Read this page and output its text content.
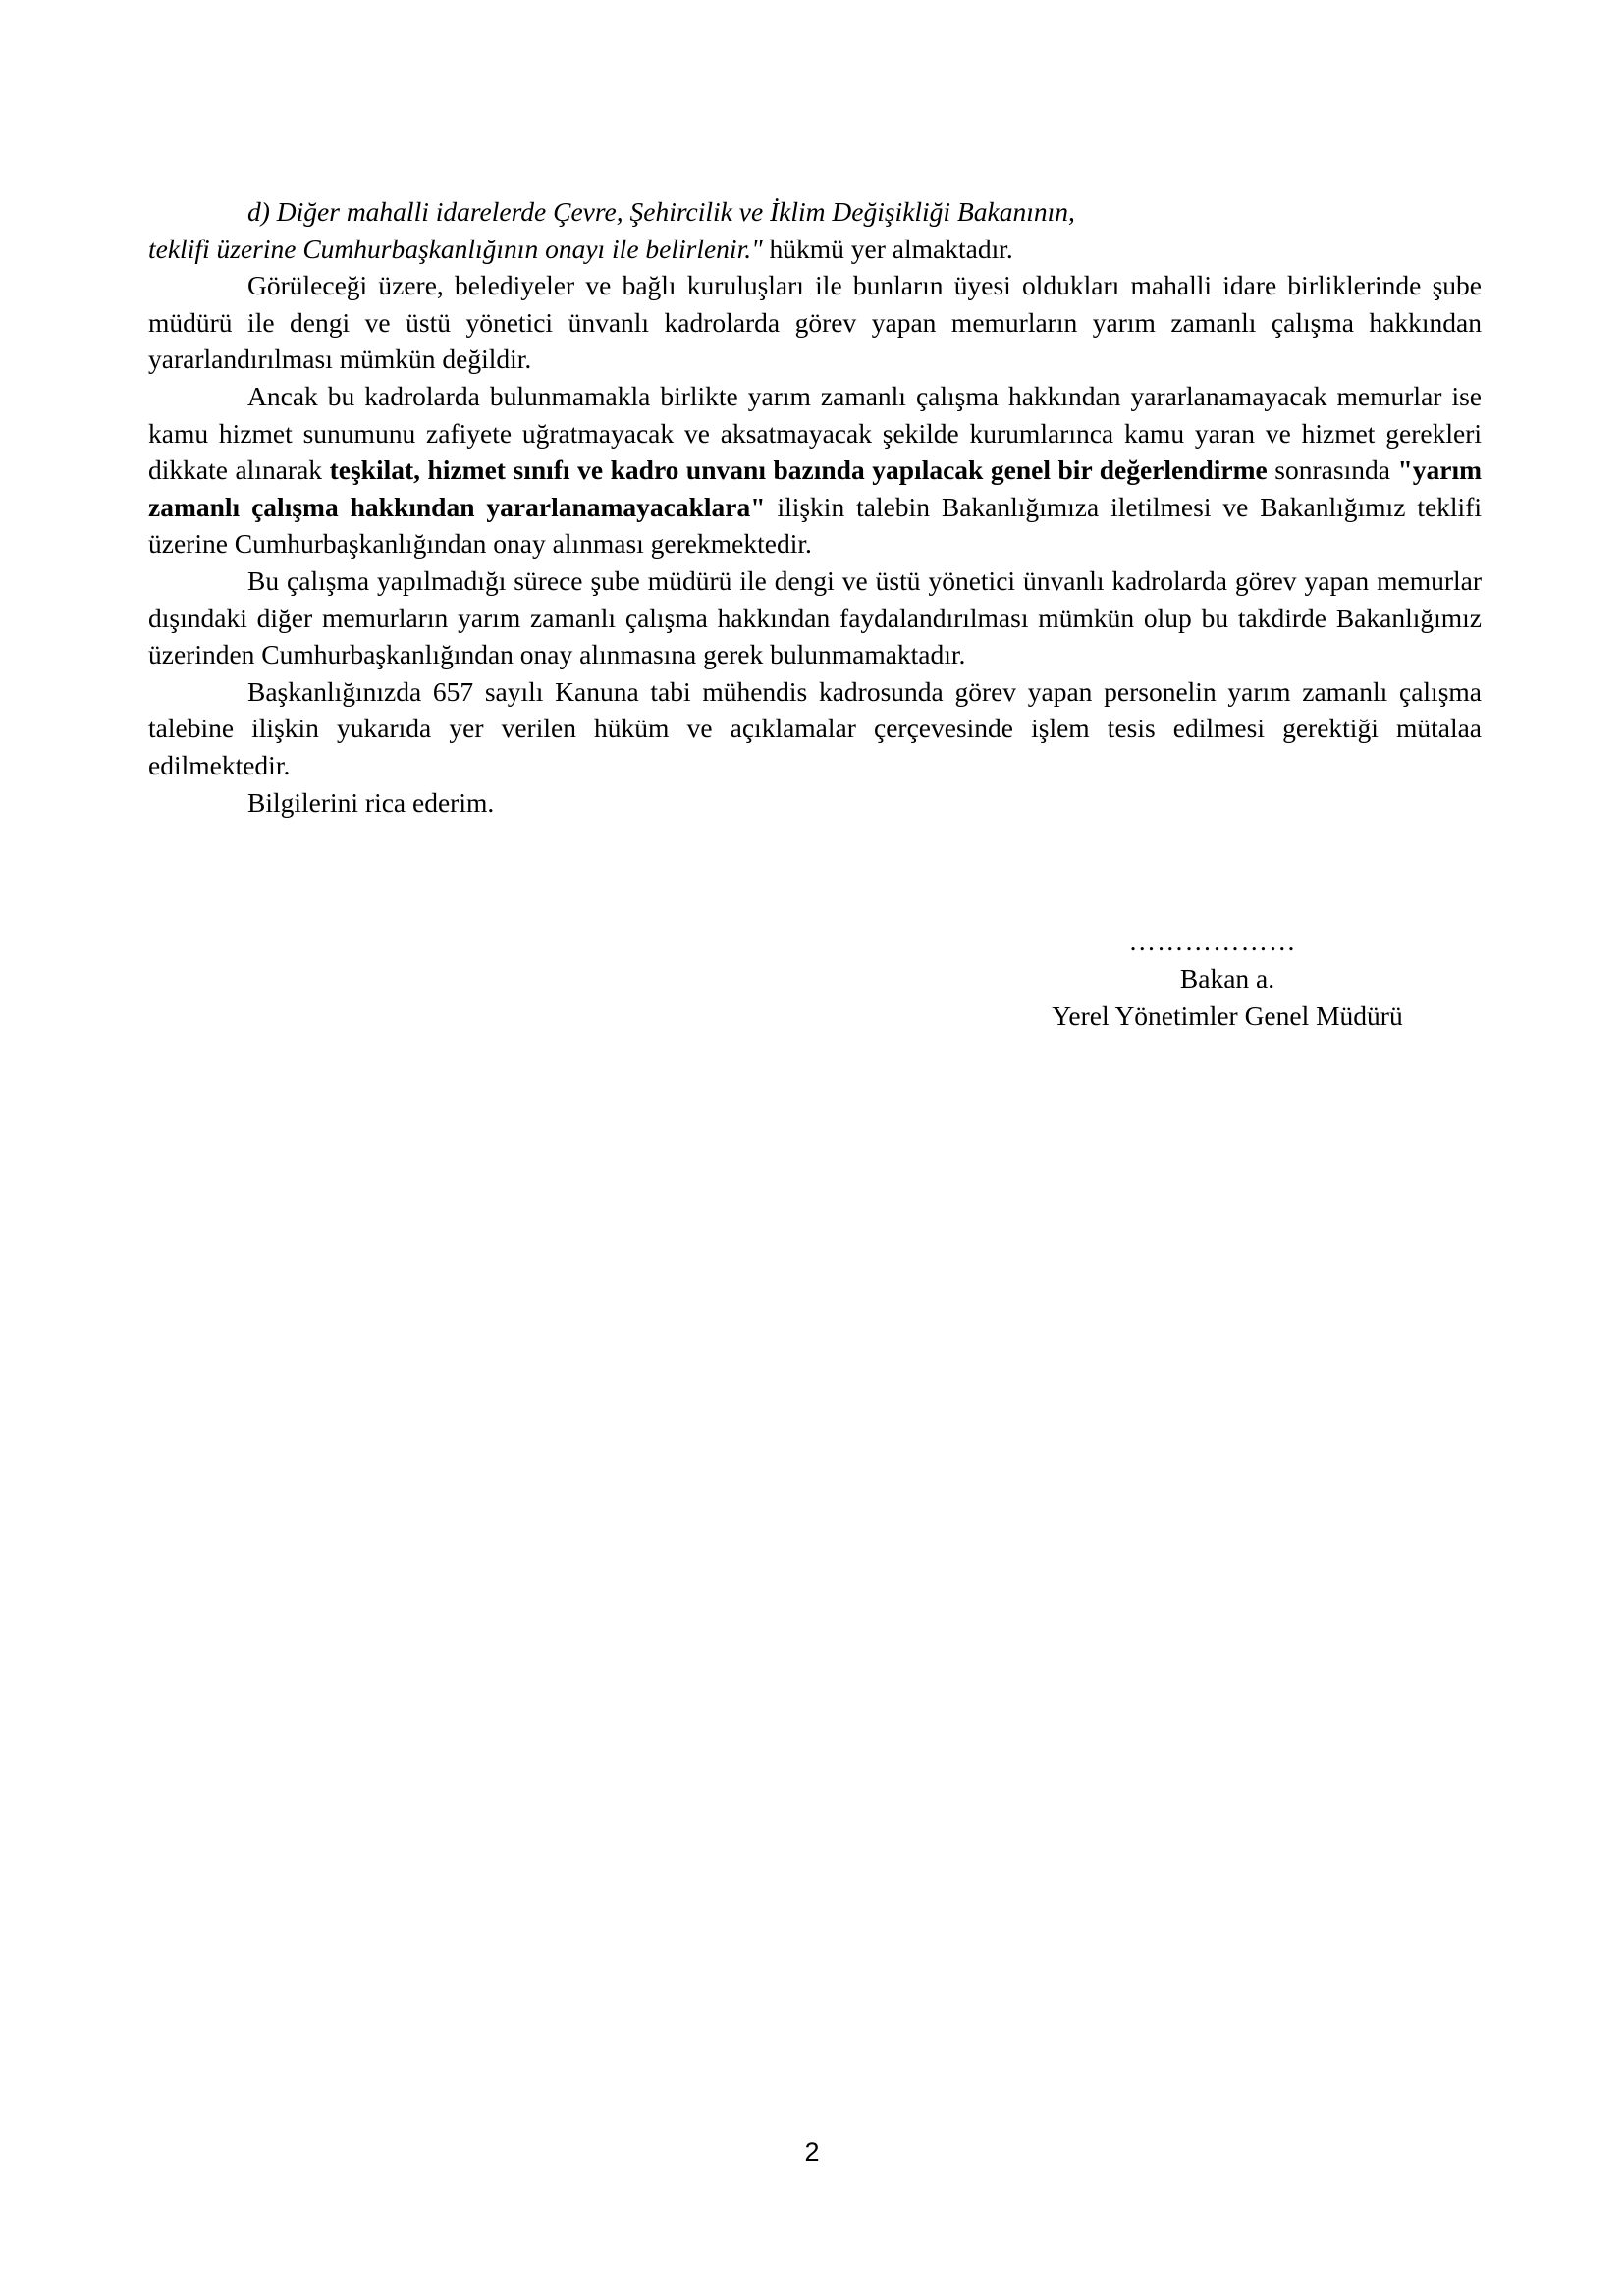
d) Diğer mahalli idarelerde Çevre, Şehircilik ve İklim Değişikliği Bakanının,
teklifi üzerine Cumhurbaşkanlığının onayı ile belirlenir." hükmü yer almaktadır.

Görüleceği üzere, belediyeler ve bağlı kuruluşları ile bunların üyesi oldukları mahalli idare birliklerinde şube müdürü ile dengi ve üstü yönetici ünvanlı kadrolarda görev yapan memurların yarım zamanlı çalışma hakkından yararlandırılması mümkün değildir.

Ancak bu kadrolarda bulunmamakla birlikte yarım zamanlı çalışma hakkından yararlanamayacak memurlar ise kamu hizmet sunumunu zafiyete uğratmayacak ve aksatmayacak şekilde kurumlarınca kamu yaran ve hizmet gerekleri dikkate alınarak teşkilat, hizmet sınıfı ve kadro unvanı bazında yapılacak genel bir değerlendirme sonrasında "yarım zamanlı çalışma hakkından yararlanamayacaklara" ilişkin talebin Bakanlığımıza iletilmesi ve Bakanlığımız teklifi üzerine Cumhurbaşkanlığından onay alınması gerekmektedir.

Bu çalışma yapılmadığı sürece şube müdürü ile dengi ve üstü yönetici ünvanlı kadrolarda görev yapan memurlar dışındaki diğer memurların yarım zamanlı çalışma hakkından faydalandırılması mümkün olup bu takdirde Bakanlığımız üzerinden Cumhurbaşkanlığından onay alınmasına gerek bulunmamaktadır.

Başkanlığınızda 657 sayılı Kanuna tabi mühendis kadrosunda görev yapan personelin yarım zamanlı çalışma talebine ilişkin yukarıda yer verilen hüküm ve açıklamalar çerçevesinde işlem tesis edilmesi gerektiği mütalaa edilmektedir.

Bilgilerini rica ederim.

………………
Bakan a.
Yerel Yönetimler Genel Müdürü
2
